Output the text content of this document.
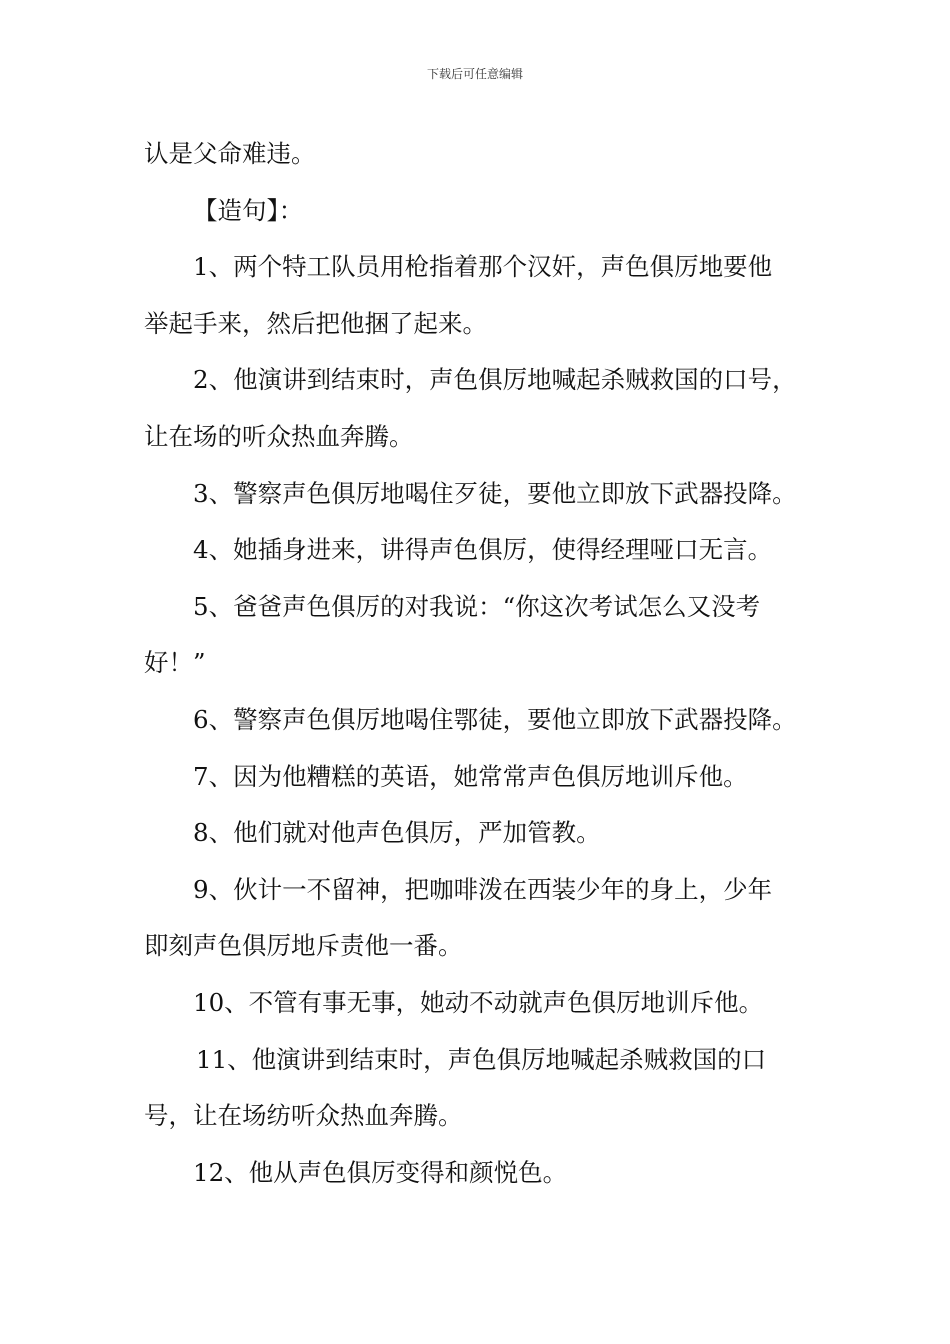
下载后可任意编辑
认是父命难违。
【造句】：
1、两个特工队员用枪指着那个汉奸，声色俱厉地要他
举起手来，然后把他捆了起来。
2、他演讲到结束时，声色俱厉地喊起杀贼救国的口号，
让在场的听众热血奔腾。
3、警察声色俱厉地喝住歹徒，要他立即放下武器投降。
4、她插身进来，讲得声色俱厉，使得经理哑口无言。
5、爸爸声色俱厉的对我说：“你这次考试怎么又没考
好！”
6、警察声色俱厉地喝住鄂徒，要他立即放下武器投降。
7、因为他糟糕的英语，她常常声色俱厉地训斥他。
8、他们就对他声色俱厉，严加管教。
9、伙计一不留神，把咖啡泼在西装少年的身上，少年
即刻声色俱厉地斥责他一番。
10、不管有事无事，她动不动就声色俱厉地训斥他。
11、他演讲到结束时，声色俱厉地喊起杀贼救国的口
号，让在场纺听众热血奔腾。
12、他从声色俱厉变得和颜悦色。
